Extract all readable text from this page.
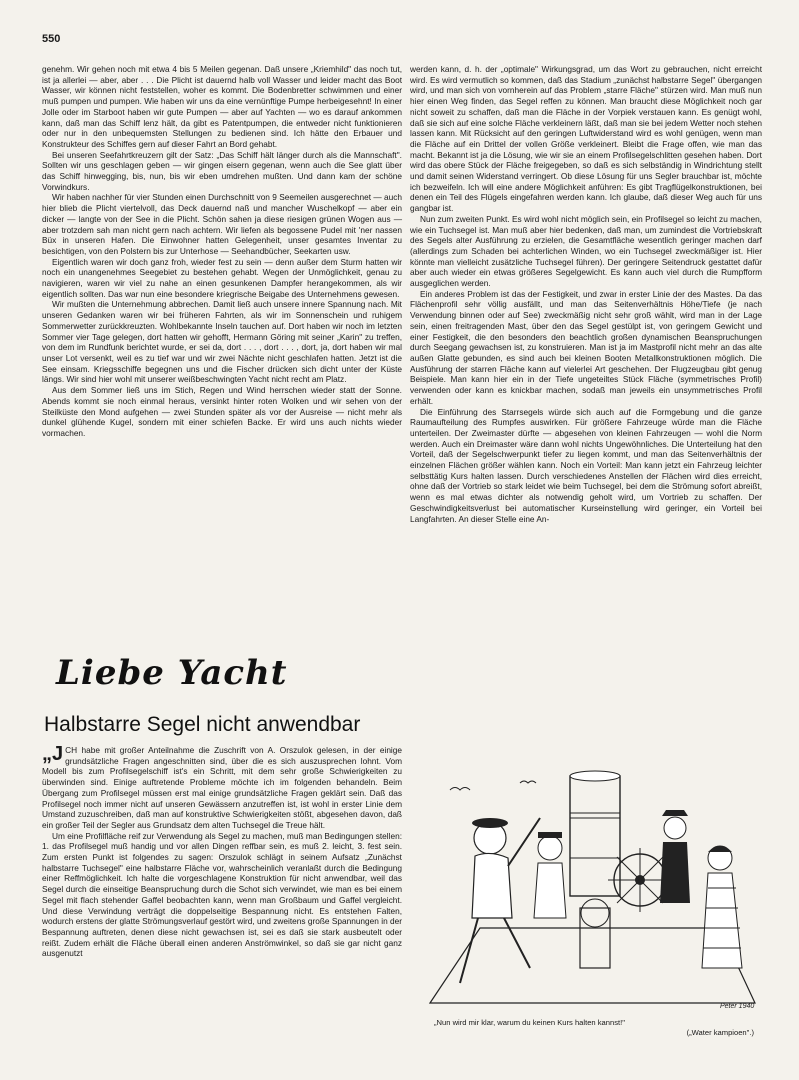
550

genehm. Wir gehen noch mit etwa 4 bis 5 Meilen gegenan. Daß unsere „Kriemhild" das noch tut, ist ja allerlei — aber, aber . . . Die Plicht ist dauernd halb voll Wasser und leider macht das Boot Wasser, wir können nicht feststellen, woher es kommt. Die Bodenbretter schwimmen und einer muß pumpen und pumpen. Wie haben wir uns da eine vernünftige Pumpe herbeigesehnt! In einer Jolle oder im Starboot haben wir gute Pumpen — aber auf Yachten — wo es darauf ankommen kann, daß man das Schiff lenz hält, da gibt es Patentpumpen, die entweder nicht funktionieren oder nur in den unbequemsten Stellungen zu bedienen sind. Ich hätte den Erbauer und Konstrukteur des Schiffes gern auf dieser Fahrt an Bord gehabt.

Bei unseren Seefahrtkreuzern gilt der Satz: „Das Schiff hält länger durch als die Mannschaft". Sollten wir uns geschlagen geben — wir gingen eisern gegenan, wenn auch die See glatt über das Schiff hinwegging, bis, nun, bis wir eben umdrehen mußten. Und dann kam der schöne Vorwindkurs.

Wir haben nachher für vier Stunden einen Durchschnitt von 9 Seemeilen ausgerechnet — auch hier blieb die Plicht viertelvoll, das Deck dauernd naß und mancher Wuschelkopf — aber ein dicker — langte von der See in die Plicht. Schön sahen ja diese riesigen grünen Wogen aus — aber trotzdem sah man nicht gern nach achtern. Wir liefen als begossene Pudel mit 'ner nassen Büx in unseren Hafen. Die Einwohner hatten Gelegenheit, unser gesamtes Inventar zu besichtigen, von den Polstern bis zur Unterhose — Seehandbücher, Seekarten usw.

Eigentlich waren wir doch ganz froh, wieder fest zu sein — denn außer dem Sturm hatten wir noch ein unangenehmes Seegebiet zu bestehen gehabt. Wegen der Unmöglichkeit, genau zu navigieren, waren wir viel zu nahe an einen gesunkenen Dampfer herangekommen, als wir eigentlich sollten. Das war nun eine besondere kriegrische Beigabe des Unternehmens gewesen.

Wir mußten die Unternehmung abbrechen. Damit ließ auch unsere innere Spannung nach. Mit unseren Gedanken waren wir bei früheren Fahrten, als wir im Sonnenschein und ruhigem Sommerwetter zurückkreuzten. Wohlbekannte Inseln tauchen auf. Dort haben wir noch im letzten Sommer vier Tage gelegen, dort hatten wir gehofft, Hermann Göring mit seiner „Karin" zu treffen, von dem im Rundfunk berichtet wurde, er sei da, dort . . . , dort . . . , dort, ja, dort haben wir mal unser Lot versenkt, weil es zu tief war und wir zwei Nächte nicht geschlafen hatten. Jetzt ist die See einsam. Kriegsschiffe begegnen uns und die Fischer drücken sich dicht unter der Küste längs. Wir sind hier wohl mit unserer weißbeschwingten Yacht nicht recht am Platz.

Aus dem Sommer ließ uns im Stich, Regen und Wind herrschen wieder statt der Sonne. Abends kommt sie noch einmal heraus, versinkt hinter roten Wolken und wir sehen von der Steilküste den Mond aufgehen — zwei Stunden später als vor der Ausreise — nicht mehr als dunkel glühende Kugel, sondern mit einer schiefen Backe. Er wird uns auch nichts wieder vormachen.

Liebe Yacht
Halbstarre Segel nicht anwendbar

„JCH habe mit großer Anteilnahme die Zuschrift von A. Orszulok gelesen, in der einige grundsätzliche Fragen angeschnitten sind, über die es sich auszusprechen lohnt. Vom Modell bis zum Profilsegelschiff ist's ein Schritt, mit dem sehr große Schwierigkeiten zu überwinden sind. Einige auftretende Probleme möchte ich im folgenden behandeln. Beim Übergang zum Profilsegel müssen erst mal einige grundsätzliche Fragen geklärt sein. Daß das Profilsegel noch immer nicht auf unseren Gewässern anzutreffen ist, ist wohl in erster Linie dem Umstand zuzuschreiben, daß man auf konstruktive Schwierigkeiten stößt, abgesehen davon, daß ein großer Teil der Segler aus Grundsatz dem alten Tuchsegel die Treue hält.

Um eine Profilfläche reif zur Verwendung als Segel zu machen, muß man Bedingungen stellen: 1. das Profilsegel muß handig und vor allen Dingen reffbar sein, es muß 2. leicht, 3. fest sein. Zum ersten Punkt ist folgendes zu sagen: Orszulok schlägt in seinem Aufsatz „Zunächst halbstarre Tuchsegel" eine halbstarre Fläche vor, wahrscheinlich veranlaßt durch die Bedingung einer Reffmöglichkeit. Ich halte die vorgeschlagene Konstruktion für nicht anwendbar, weil das Segel durch die einseitige Beanspruchung durch die Schot sich verwindet, wie man es bei einem Segel mit flach stehender Gaffel beobachten kann, wenn man Großbaum und Gaffel vergleicht. Und diese Verwindung verträgt die doppelseitige Bespannung nicht. Es entstehen Falten, wodurch erstens der glatte Strömungsverlauf gestört wird, und zweitens große Spannungen in der Bespannung auftreten, denen diese nicht gewachsen ist, sei es daß sie stark ausbeutelt oder reißt. Zudem erhält die Fläche überall einen anderen Anströmwinkel, so daß sie gar nicht ganz ausgenutzt

werden kann, d. h. der „optimale" Wirkungsgrad, um das Wort zu gebrauchen, nicht erreicht wird. Es wird vermutlich so kommen, daß das Stadium „zunächst halbstarre Segel" übergangen wird, und man sich von vornherein auf das Problem „starre Fläche" stürzen wird. Man muß nun hier einen Weg finden, das Segel reffen zu können. Man braucht diese Möglichkeit noch gar nicht soweit zu schaffen, daß man die Fläche in der Vorpiek verstauen kann. Es genügt wohl, daß sie sich auf eine solche Fläche verkleinern läßt, daß man sie bei jedem Wetter noch stehen lassen kann. Mit Rücksicht auf den geringen Luftwiderstand wird es wohl genügen, wenn man die Fläche auf ein Drittel der vollen Größe verkleinert. Bleibt die Frage offen, wie man das macht. Bekannt ist ja die Lösung, wie wir sie an einem Profilsegelschlitten gesehen haben. Dort wird das obere Stück der Fläche freigegeben, so daß es sich selbständig in Windrichtung stellt und damit seinen Widerstand verringert. Ob diese Lösung für uns Segler brauchbar ist, möchte ich bezweifeln. Ich will eine andere Möglichkeit anführen: Es gibt Tragflügelkonstruktionen, bei denen ein Teil des Flügels eingefahren werden kann. Ich glaube, daß dieser Weg auch für uns gangbar ist.

Nun zum zweiten Punkt. Es wird wohl nicht möglich sein, ein Profilsegel so leicht zu machen, wie ein Tuchsegel ist. Man muß aber hier bedenken, daß man, um zumindest die Vortriebskraft des Segels alter Ausführung zu erzielen, die Gesamtfläche wesentlich geringer machen darf (allerdings zum Schaden bei achterlichen Winden, wo ein Tuchsegel zweckmäßiger ist. Hier könnte man vielleicht zusätzliche Tuchsegel führen). Der geringere Seitendruck gestattet dafür aber auch wieder ein etwas größeres Segelgewicht. Es kann auch viel durch die Rumpfform ausgeglichen werden.

Ein anderes Problem ist das der Festigkeit, und zwar in erster Linie der des Mastes. Da das Flächenprofil sehr völlig ausfällt, und man das Seitenverhältnis Höhe/Tiefe (je nach Verwendung binnen oder auf See) zweckmäßig nicht sehr groß wählt, wird man in der Lage sein, einen freitragenden Mast, über den das Segel gestülpt ist, von geringem Gewicht und einer Festigkeit, die den besonders den beachtlich großen dynamischen Beanspruchungen durch Seegang gewachsen ist, zu konstruieren. Man ist ja im Mastprofil nicht mehr an das alte außen Glatte gebunden, es sind auch bei kleinen Booten Metallkonstruktionen möglich. Die Ausführung der starren Fläche kann auf vielerlei Art geschehen. Der Flugzeugbau gibt genug Beispiele. Man kann hier ein in der Tiefe ungeteiltes Stück Fläche (symmetrisches Profil) verwenden oder kann es knickbar machen, sodaß man jeweils ein unsymmetrisches Profil erhält.

Die Einführung des Starrsegels würde sich auch auf die Formgebung und die ganze Raumaufteilung des Rumpfes auswirken. Für größere Fahrzeuge würde man die Fläche unterteilen. Der Zweimaster dürfte — abgesehen von kleinen Fahrzeugen — wohl die Norm werden. Auch ein Dreimaster wäre dann wohl nichts Ungewöhnliches. Die Unterteilung hat den Vorteil, daß der Segelschwerpunkt tiefer zu liegen kommt, und man das Seitenverhältnis der einzelnen Flächen größer wählen kann. Noch ein Vorteil: Man kann jetzt ein Fahrzeug leichter selbsttätig Kurs halten lassen. Durch verschiedenes Anstellen der Flächen wird dies erreicht, ohne daß der Vortrieb so stark leidet wie beim Tuchsegel, bei dem die Strömung sofort abreißt, wenn es mal etwas dichter als notwendig geholt wird, um Vortrieb zu schaffen. Der Geschwindigkeitsverlust bei automatischer Kurseinstellung wird geringer, ein Vorteil bei Langfahrten. An dieser Stelle eine An-

Peter 1940
„Nun wird mir klar, warum du keinen Kurs halten kannst!"
(„Water kampioen".)
